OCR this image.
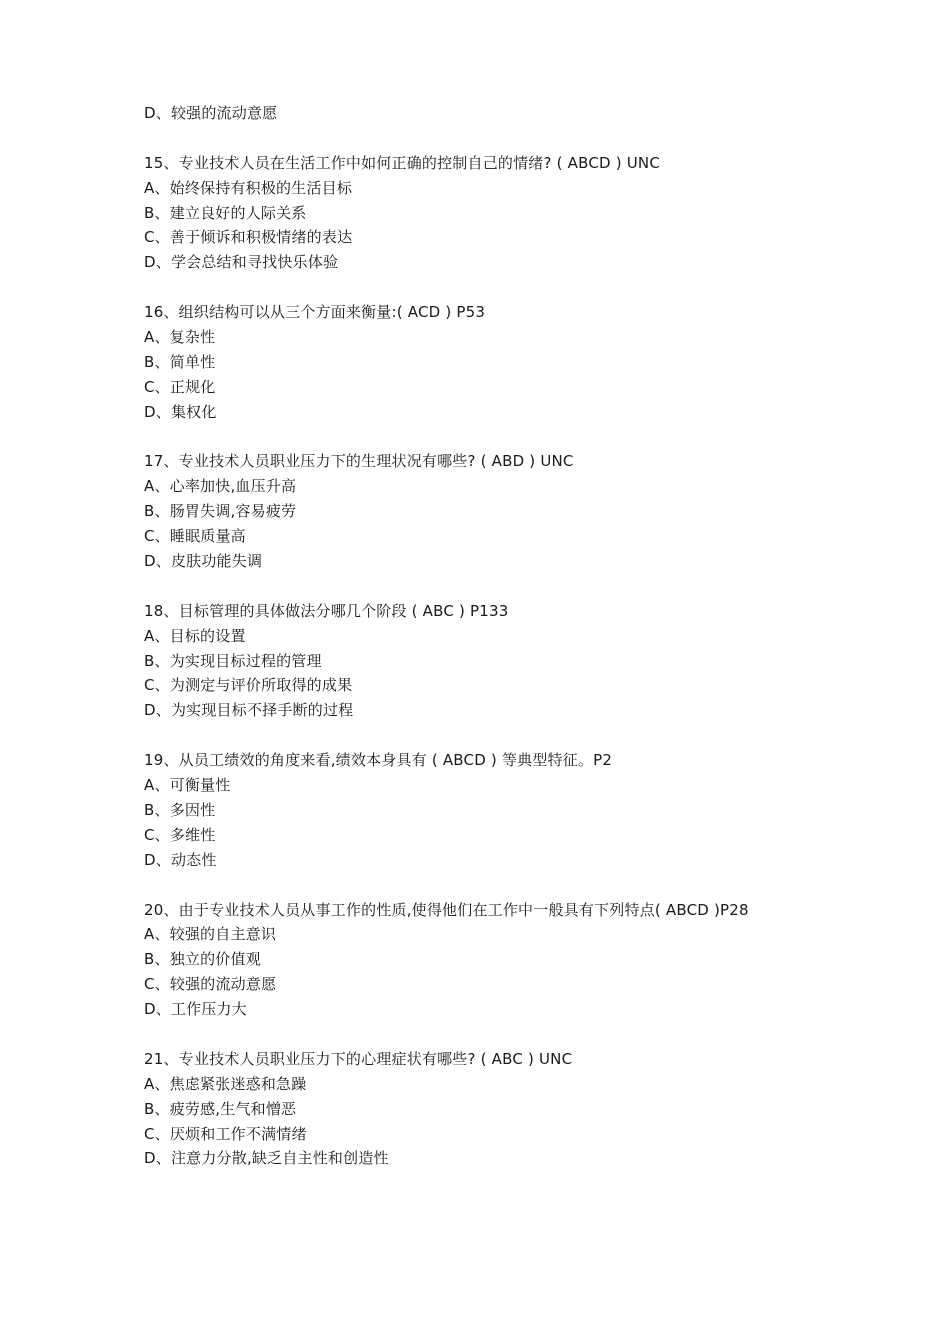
D、较强的流动意愿
15、专业技术人员在生活工作中如何正确的控制自己的情绪? ( ABCD ) UNC
A、始终保持有积极的生活目标
B、建立良好的人际关系
C、善于倾诉和积极情绪的表达
D、学会总结和寻找快乐体验
16、组织结构可以从三个方面来衡量:( ACD ) P53
A、复杂性
B、简单性
C、正规化
D、集权化
17、专业技术人员职业压力下的生理状况有哪些? ( ABD ) UNC
A、心率加快,血压升高
B、肠胃失调,容易疲劳
C、睡眠质量高
D、皮肤功能失调
18、目标管理的具体做法分哪几个阶段 ( ABC ) P133
A、目标的设置
B、为实现目标过程的管理
C、为测定与评价所取得的成果
D、为实现目标不择手断的过程
19、从员工绩效的角度来看,绩效本身具有 ( ABCD ) 等典型特征。P2
A、可衡量性
B、多因性
C、多维性
D、动态性
20、由于专业技术人员从事工作的性质,使得他们在工作中一般具有下列特点( ABCD )P28
A、较强的自主意识
B、独立的价值观
C、较强的流动意愿
D、工作压力大
21、专业技术人员职业压力下的心理症状有哪些? ( ABC ) UNC
A、焦虑紧张迷惑和急躁
B、疲劳感,生气和憎恶
C、厌烦和工作不满情绪
D、注意力分散,缺乏自主性和创造性
